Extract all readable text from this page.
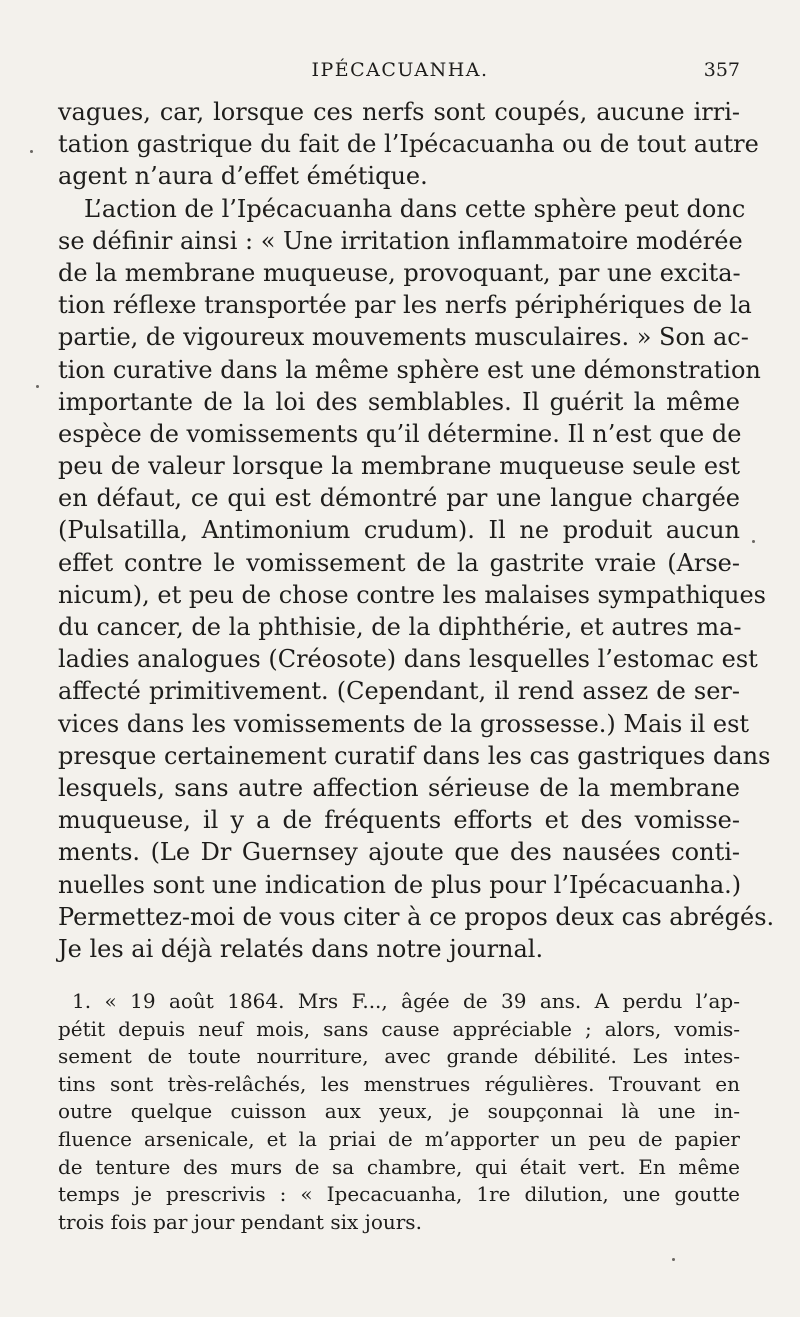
IPÉCACUANHA.	357
vagues, car, lorsque ces nerfs sont coupés, aucune irri-
tation gastrique du fait de l’Ipécacuanha ou de tout autre
agent n’aura d’effet émétique.
L’action de l’Ipécacuanha dans cette sphère peut donc
se définir ainsi : « Une irritation inflammatoire modérée
de la membrane muqueuse, provoquant, par une excita-
tion réflexe transportée par les nerfs périphériques de la
partie, de vigoureux mouvements musculaires. » Son ac-
tion curative dans la même sphère est une démonstration
importante de la loi des semblables. Il guérit la même
espèce de vomissements qu’il détermine. Il n’est que de
peu de valeur lorsque la membrane muqueuse seule est
en défaut, ce qui est démontré par une langue chargée
(Pulsatilla, Antimonium crudum). Il ne produit aucun
effet contre le vomissement de la gastrite vraie (Arse-
nicum), et peu de chose contre les malaises sympathiques
du cancer, de la phthisie, de la diphthérie, et autres ma-
ladies analogues (Créosote) dans lesquelles l’estomac est
affecté primitivement. (Cependant, il rend assez de ser-
vices dans les vomissements de la grossesse.) Mais il est
presque certainement curatif dans les cas gastriques dans
lesquels, sans autre affection sérieuse de la membrane
muqueuse, il y a de fréquents efforts et des vomisse-
ments. (Le Dr Guernsey ajoute que des nausées conti-
nuelles sont une indication de plus pour l’Ipécacuanha.)
Permettez-moi de vous citer à ce propos deux cas abrégés.
Je les ai déjà relatés dans notre journal.
1. « 19 août 1864. Mrs F..., âgée de 39 ans. A perdu l’ap-
pétit depuis neuf mois, sans cause appréciable ; alors, vomis-
sement de toute nourriture, avec grande débilité. Les intes-
tins sont très-relâchés, les menstrues régulières. Trouvant en
outre quelque cuisson aux yeux, je soupçonnai là une in-
fluence arsenicale, et la priai de m’apporter un peu de papier
de tenture des murs de sa chambre, qui était vert. En même
temps je prescrivis : « Ipecacuanha, 1re dilution, une goutte
trois fois par jour pendant six jours.
